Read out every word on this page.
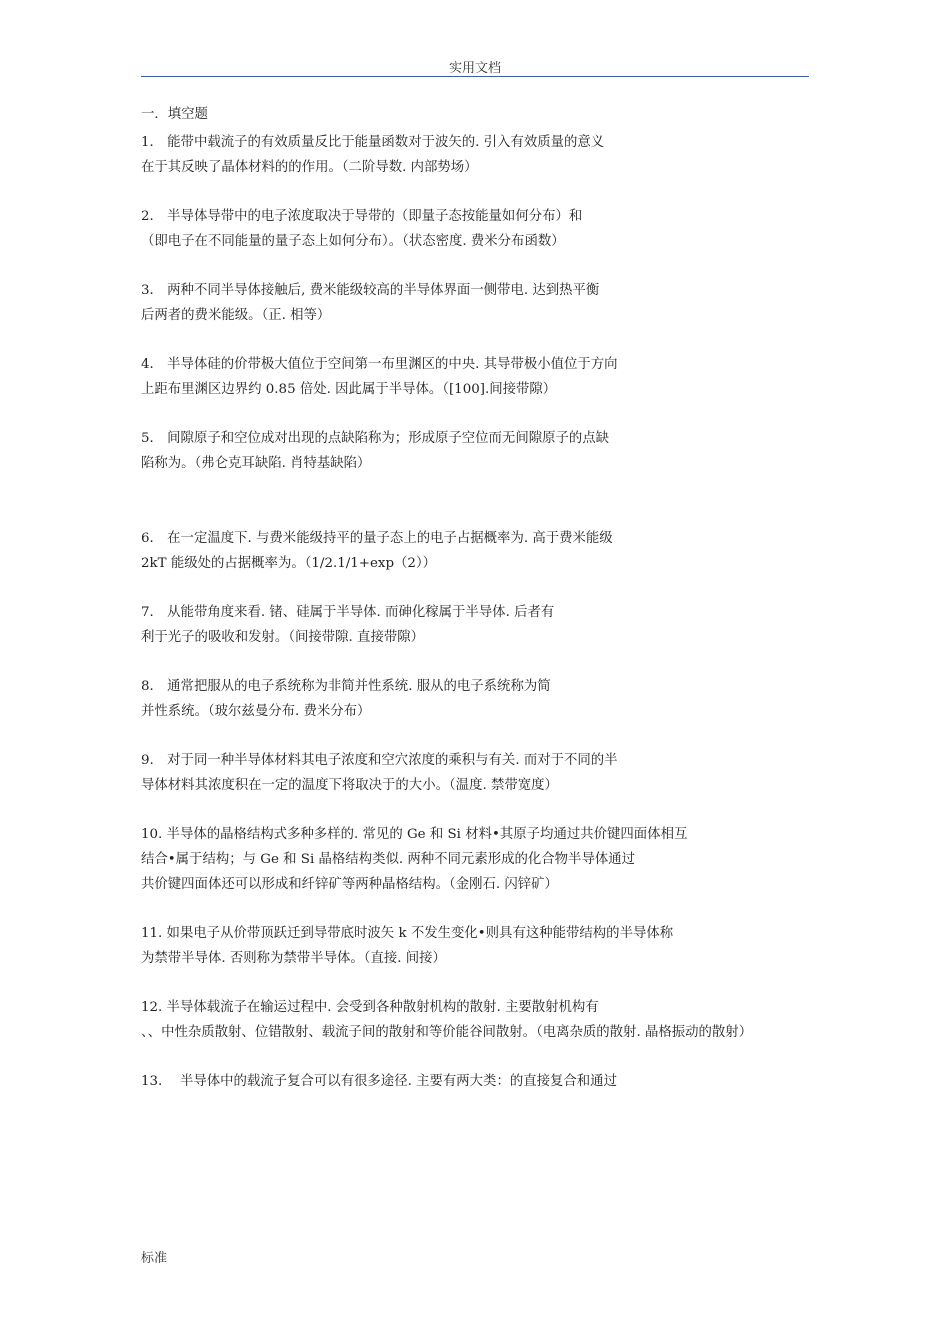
实用文档
一．填空题
1． 能带中载流子的有效质量反比于能量函数对于波矢的. 引入有效质量的意义
在于其反映了晶体材料的的作用。（二阶导数. 内部势场）
2． 半导体导带中的电子浓度取决于导带的（即量子态按能量如何分布）和
（即电子在不同能量的量子态上如何分布）。（状态密度. 费米分布函数）
3． 两种不同半导体接触后, 费米能级较高的半导体界面一侧带电. 达到热平衡
后两者的费米能级。（正. 相等）
4． 半导体硅的价带极大值位于空间第一布里渊区的中央. 其导带极小值位于方向
上距布里渊区边界约 0.85 倍处. 因此属于半导体。（[100].间接带隙）
5． 间隙原子和空位成对出现的点缺陷称为；形成原子空位而无间隙原子的点缺
陷称为。（弗仑克耳缺陷. 肖特基缺陷）
6． 在一定温度下. 与费米能级持平的量子态上的电子占据概率为. 高于费米能级
2kT 能级处的占据概率为。（1/2.1/1+exp（2））
7． 从能带角度来看. 锗、硅属于半导体. 而砷化稼属于半导体. 后者有
利于光子的吸收和发射。（间接带隙. 直接带隙）
8． 通常把服从的电子系统称为非简并性系统. 服从的电子系统称为简
并性系统。（玻尔兹曼分布. 费米分布）
9.　对于同一种半导体材料其电子浓度和空穴浓度的乘积与有关. 而对于不同的半
导体材料其浓度积在一定的温度下将取决于的大小。（温度. 禁带宽度）
10. 半导体的晶格结构式多种多样的. 常见的 Ge 和 Si 材料•其原子均通过共价键四面体相互
结合•属于结构；与 Ge 和 Si 晶格结构类似. 两种不同元素形成的化合物半导体通过
共价键四面体还可以形成和纤锌矿等两种晶格结构。（金刚石. 闪锌矿）
11. 如果电子从价带顶跃迁到导带底时波矢 k 不发生变化•则具有这种能带结构的半导体称
为禁带半导体. 否则称为禁带半导体。（直接. 间接）
12. 半导体载流子在输运过程中. 会受到各种散射机构的散射. 主要散射机构有
、、中性杂质散射、位错散射、载流子间的散射和等价能谷间散射。（电离杂质的散射. 晶格振动的散射）
13.　 半导体中的载流子复合可以有很多途径. 主要有两大类：的直接复合和通过
标准
